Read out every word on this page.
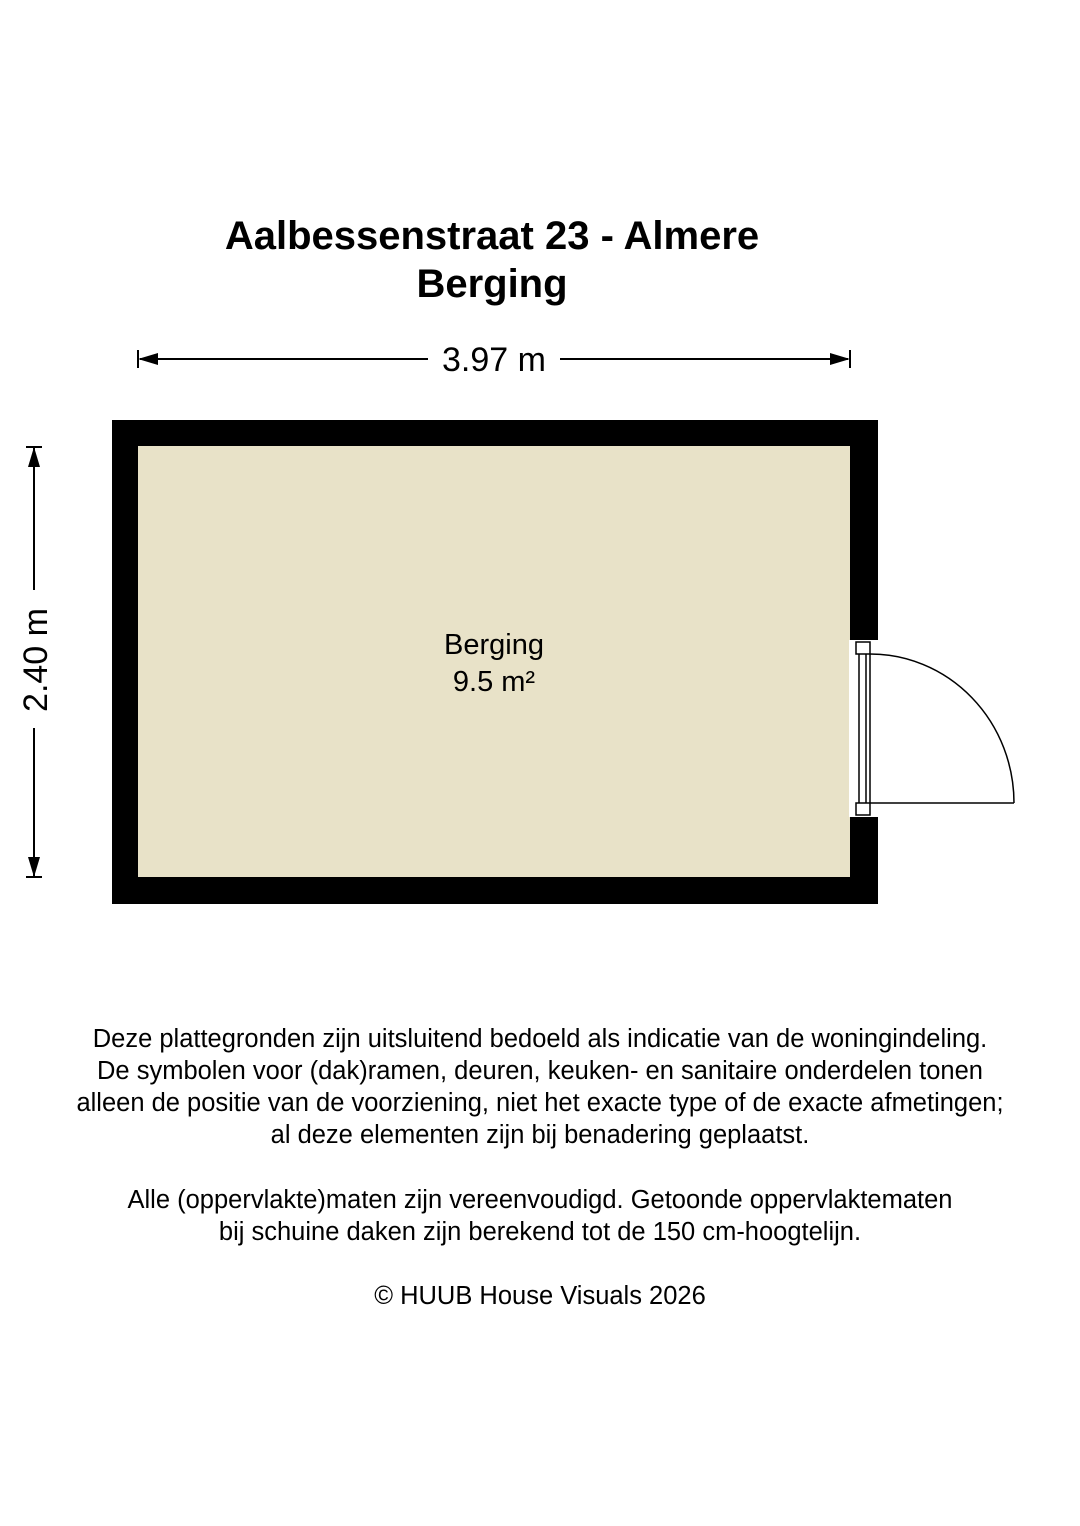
Aalbessenstraat 23 - Almere

Berging

3.97 m
2.40 m	Berging
9.5 m²

Deze plattegronden zijn uitsluitend bedoeld als indicatie van de woningindeling.

De symbolen voor (dak)ramen, deuren, keuken- en sanitaire onderdelen tonen

alleen de positie van de voorziening, niet het exacte type of de exacte afmetingen;

al deze elementen zijn bij benadering geplaatst.

Alle (oppervlakte)maten zijn vereenvoudigd. Getoonde oppervlaktematen

bij schuine daken zijn berekend tot de 150 cm-hoogtelijn.

© HUUB House Visuals 2026
